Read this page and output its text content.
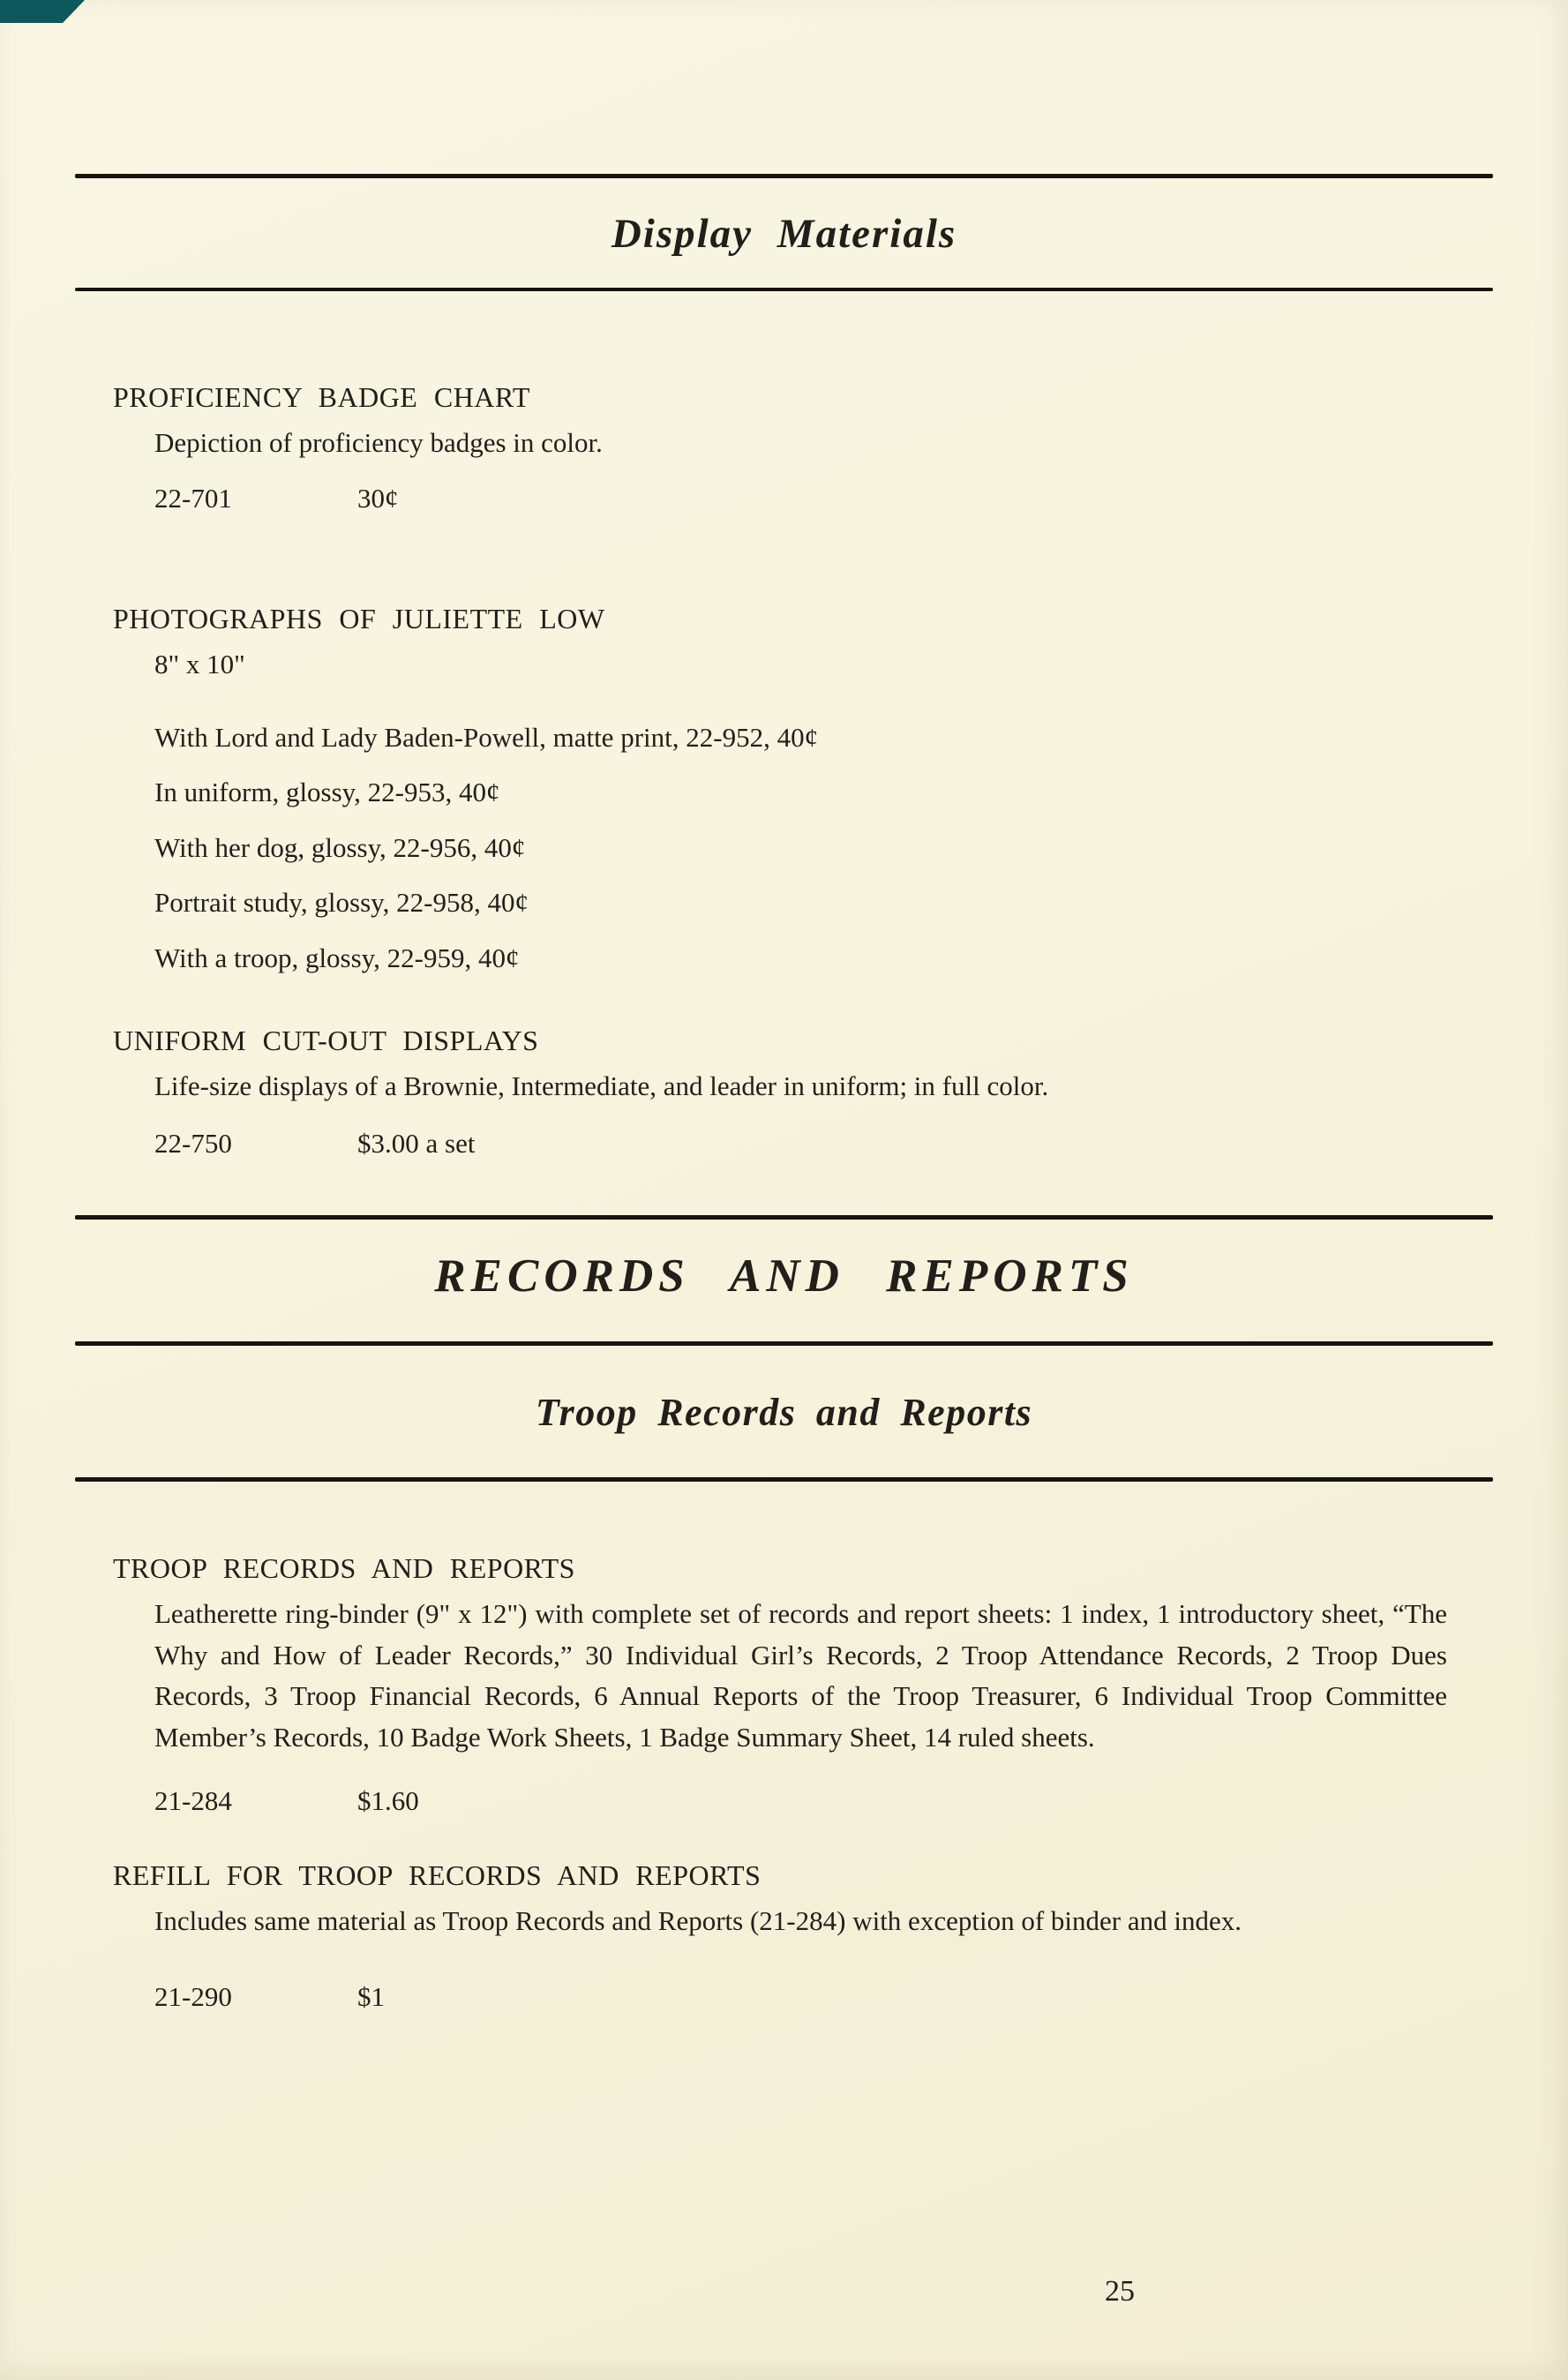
Display Materials
PROFICIENCY BADGE CHART

Depiction of proficiency badges in color.

22-701	30¢
PHOTOGRAPHS OF JULIETTE LOW

8" x 10"

With Lord and Lady Baden-Powell, matte print, 22-952, 40¢

In uniform, glossy, 22-953, 40¢

With her dog, glossy, 22-956, 40¢

Portrait study, glossy, 22-958, 40¢

With a troop, glossy, 22-959, 40¢

UNIFORM CUT-OUT DISPLAYS

Life-size displays of a Brownie, Intermediate, and leader in uniform; in full color.

22-750	$3.00 a set
RECORDS AND REPORTS
Troop Records and Reports
TROOP RECORDS AND REPORTS

Leatherette ring-binder (9" x 12") with complete set of records and report sheets: 1 index, 1 introductory sheet, “The Why and How of Leader Records,” 30 Individual Girl’s Records, 2 Troop Attendance Records, 2 Troop Dues Records, 3 Troop Financial Records, 6 Annual Reports of the Troop Treasurer, 6 Individual Troop Committee Member’s Records, 10 Badge Work Sheets, 1 Badge Summary Sheet, 14 ruled sheets.

21-284	$1.60
REFILL FOR TROOP RECORDS AND REPORTS

Includes same material as Troop Records and Reports (21-284) with exception of binder and index.

21-290	$1
25
